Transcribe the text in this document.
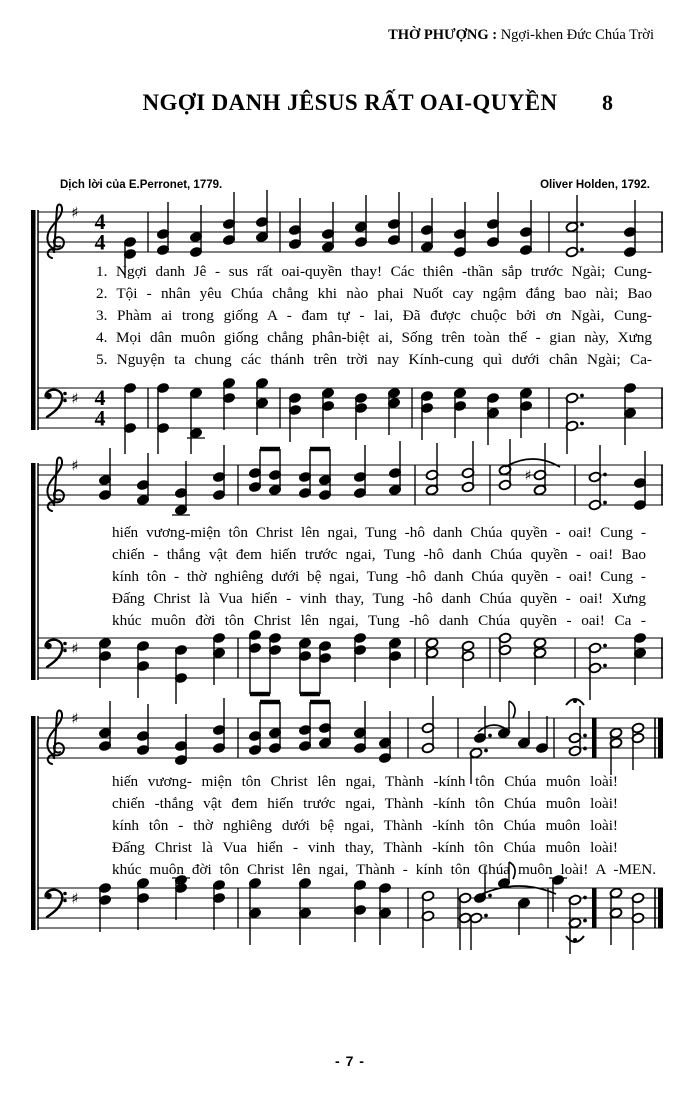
THỜ PHƯỢNG : Ngợi-khen Đức Chúa Trời
NGỢI DANH JÊSUS RẤT OAI-QUYỀN	8
Dịch lời của E.Perronet, 1779.	Oliver Holden, 1792.
♯ 4
4
♯ 4
4
♯
♯
♯
♯
♯
1. Ngợi danh Jê - sus rất oai-quyền thay! Các thiên -thần sắp trước Ngài; Cung-
2. Tội - nhân yêu Chúa chẳng khi nào phai Nuốt cay ngậm đắng bao nài; Bao
3. Phàm ai trong giống A - đam tự - lai, Đã được chuộc bởi ơn Ngài, Cung-
4. Mọi dân muôn giống chẳng phân-biệt ai, Sống trên toàn thế - gian này, Xưng
5. Nguyện ta chung các thánh trên trời nay Kính-cung quì dưới chân Ngài; Ca-
hiến vương-miện tôn Christ lên ngai, Tung -hô danh Chúa quyền - oai! Cung -
chiến - thắng vật đem hiến trước ngai, Tung -hô danh Chúa quyền - oai! Bao
kính tôn - thờ nghiêng dưới bệ ngai, Tung -hô danh Chúa quyền - oai! Cung -
Đấng Christ là Vua hiển - vinh thay, Tung -hô danh Chúa quyền - oai! Xưng
khúc muôn đời tôn Christ lên ngai, Tung -hô danh Chúa quyền - oai! Ca -
hiến vương- miện tôn Christ lên ngai, Thành -kính tôn Chúa muôn loài!
chiến -thắng vật đem hiến trước ngai, Thành -kính tôn Chúa muôn loài!
kính tôn - thờ nghiêng dưới bệ ngai, Thành -kính tôn Chúa muôn loài!
Đấng Christ là Vua hiển - vinh thay, Thành -kính tôn Chúa muôn loài!
khúc muôn đời tôn Christ lên ngai, Thành - kính tôn Chúa muôn loài! A -MEN.
- 7 -
